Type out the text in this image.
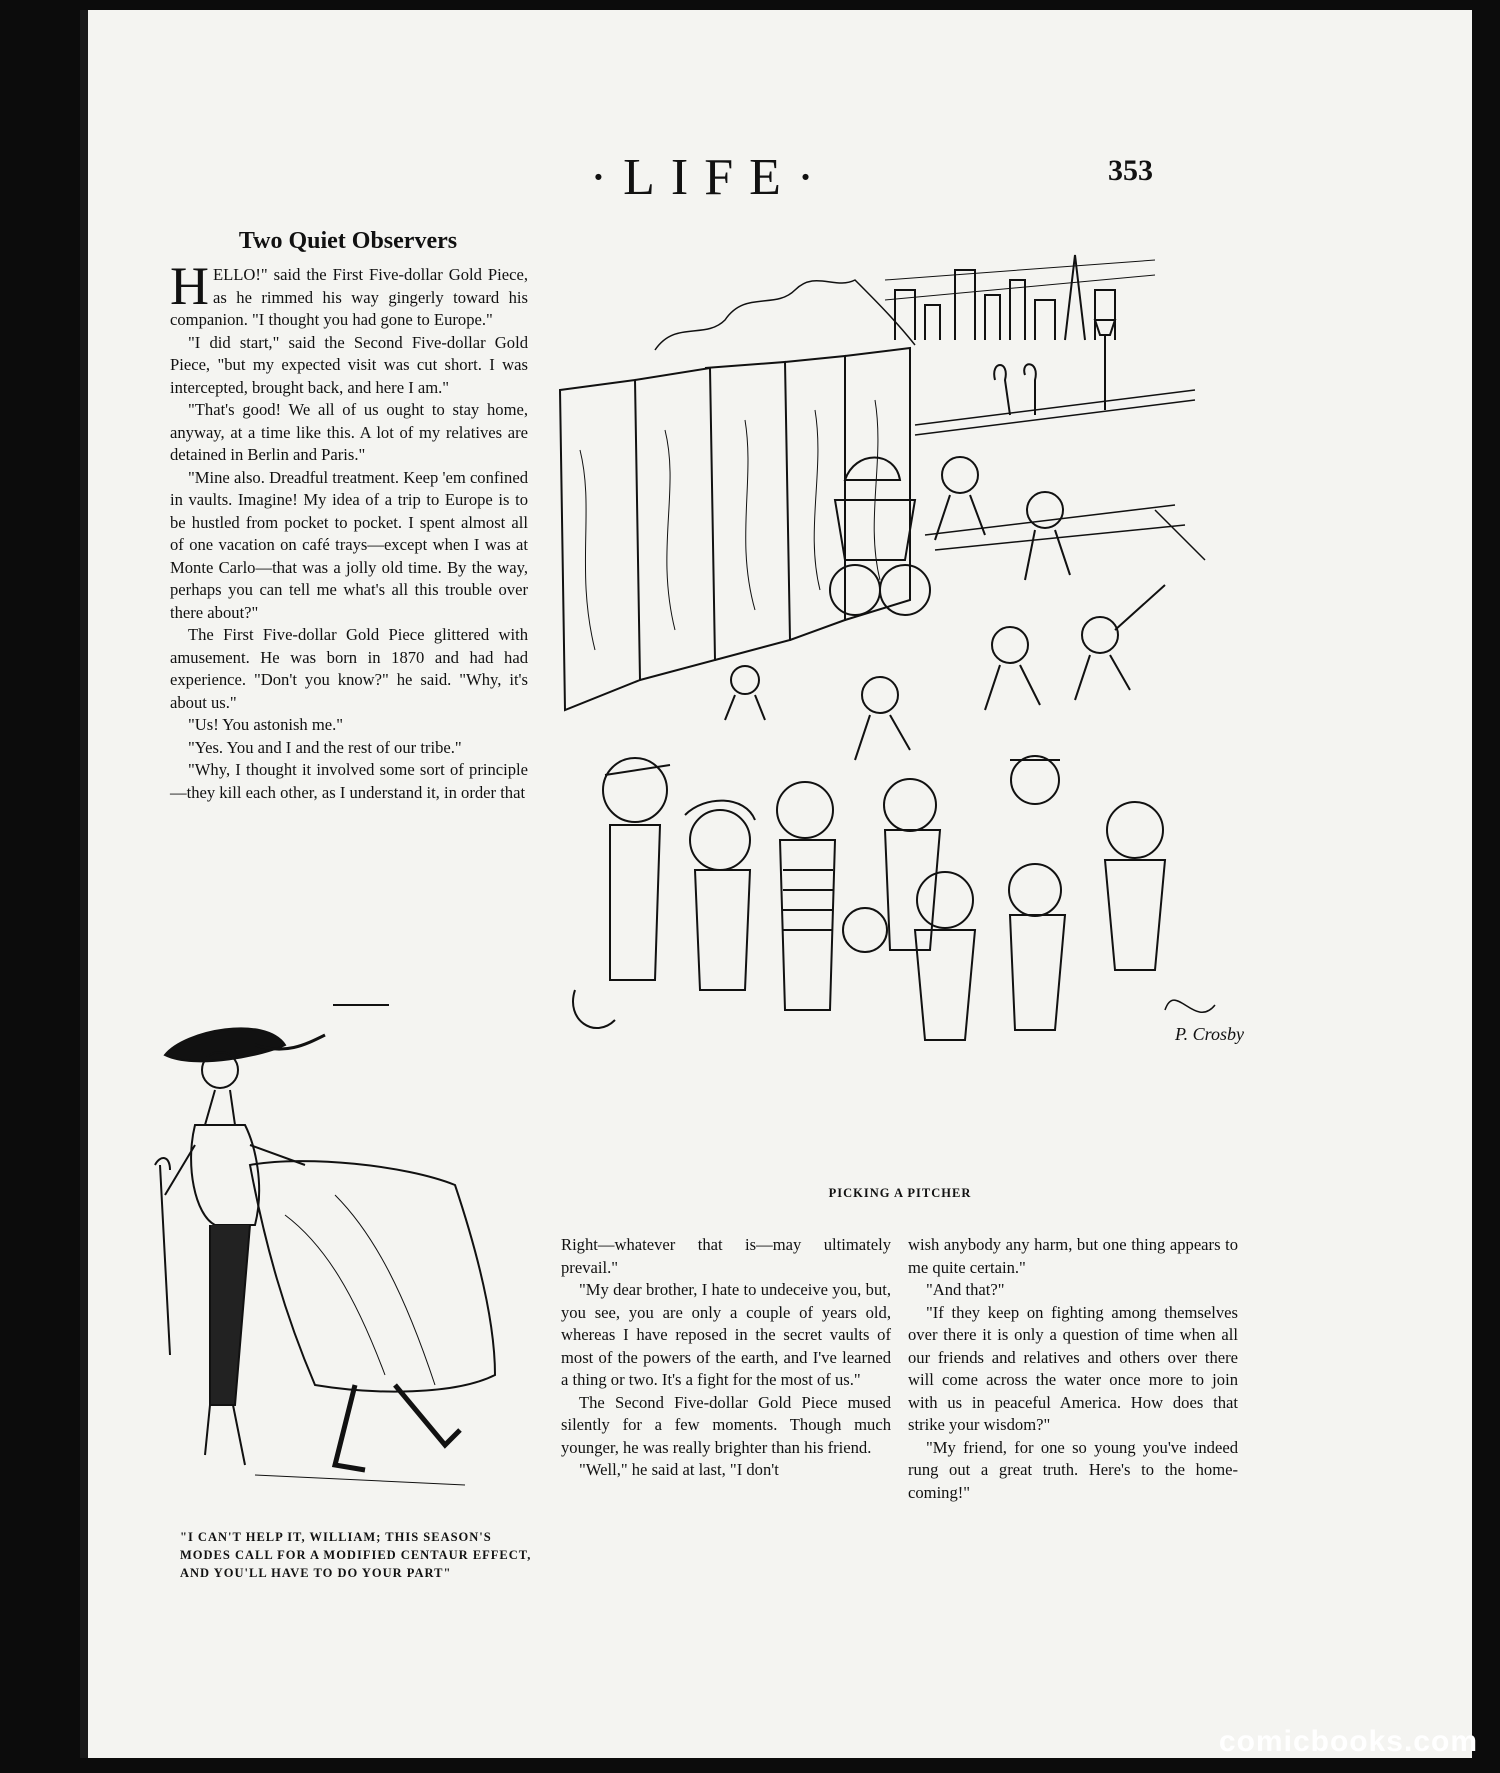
·LIFE·	353
Two Quiet Observers

HELLO!" said the First Five-dollar Gold Piece, as he rimmed his way gingerly toward his companion. "I thought you had gone to Europe."

"I did start," said the Second Five-dollar Gold Piece, "but my expected visit was cut short. I was intercepted, brought back, and here I am."

"That's good! We all of us ought to stay home, anyway, at a time like this. A lot of my relatives are detained in Berlin and Paris."

"Mine also. Dreadful treatment. Keep 'em confined in vaults. Imagine! My idea of a trip to Europe is to be hustled from pocket to pocket. I spent almost all of one vacation on café trays—except when I was at Monte Carlo—that was a jolly old time. By the way, perhaps you can tell me what's all this trouble over there about?"

The First Five-dollar Gold Piece glittered with amusement. He was born in 1870 and had had experience. "Don't you know?" he said. "Why, it's about us."

"Us! You astonish me."

"Yes. You and I and the rest of our tribe."

"Why, I thought it involved some sort of principle—they kill each other, as I understand it, in order that

Right—whatever that is—may ultimately prevail."

"My dear brother, I hate to undeceive you, but, you see, you are only a couple of years old, whereas I have reposed in the secret vaults of most of the powers of the earth, and I've learned a thing or two. It's a fight for the most of us."

The Second Five-dollar Gold Piece mused silently for a few moments. Though much younger, he was really brighter than his friend.

"Well," he said at last, "I don't

wish anybody any harm, but one thing appears to me quite certain."

"And that?"

"If they keep on fighting among themselves over there it is only a question of time when all our friends and relatives and others over there will come across the water once more to join with us in peaceful America. How does that strike your wisdom?"

"My friend, for one so young you've indeed rung out a great truth. Here's to the home-coming!"

P. Crosby
PICKING A PITCHER
"I CAN'T HELP IT, WILLIAM; THIS SEASON'S MODES CALL FOR A MODIFIED CENTAUR EFFECT, AND YOU'LL HAVE TO DO YOUR PART"
comicbooks.com
